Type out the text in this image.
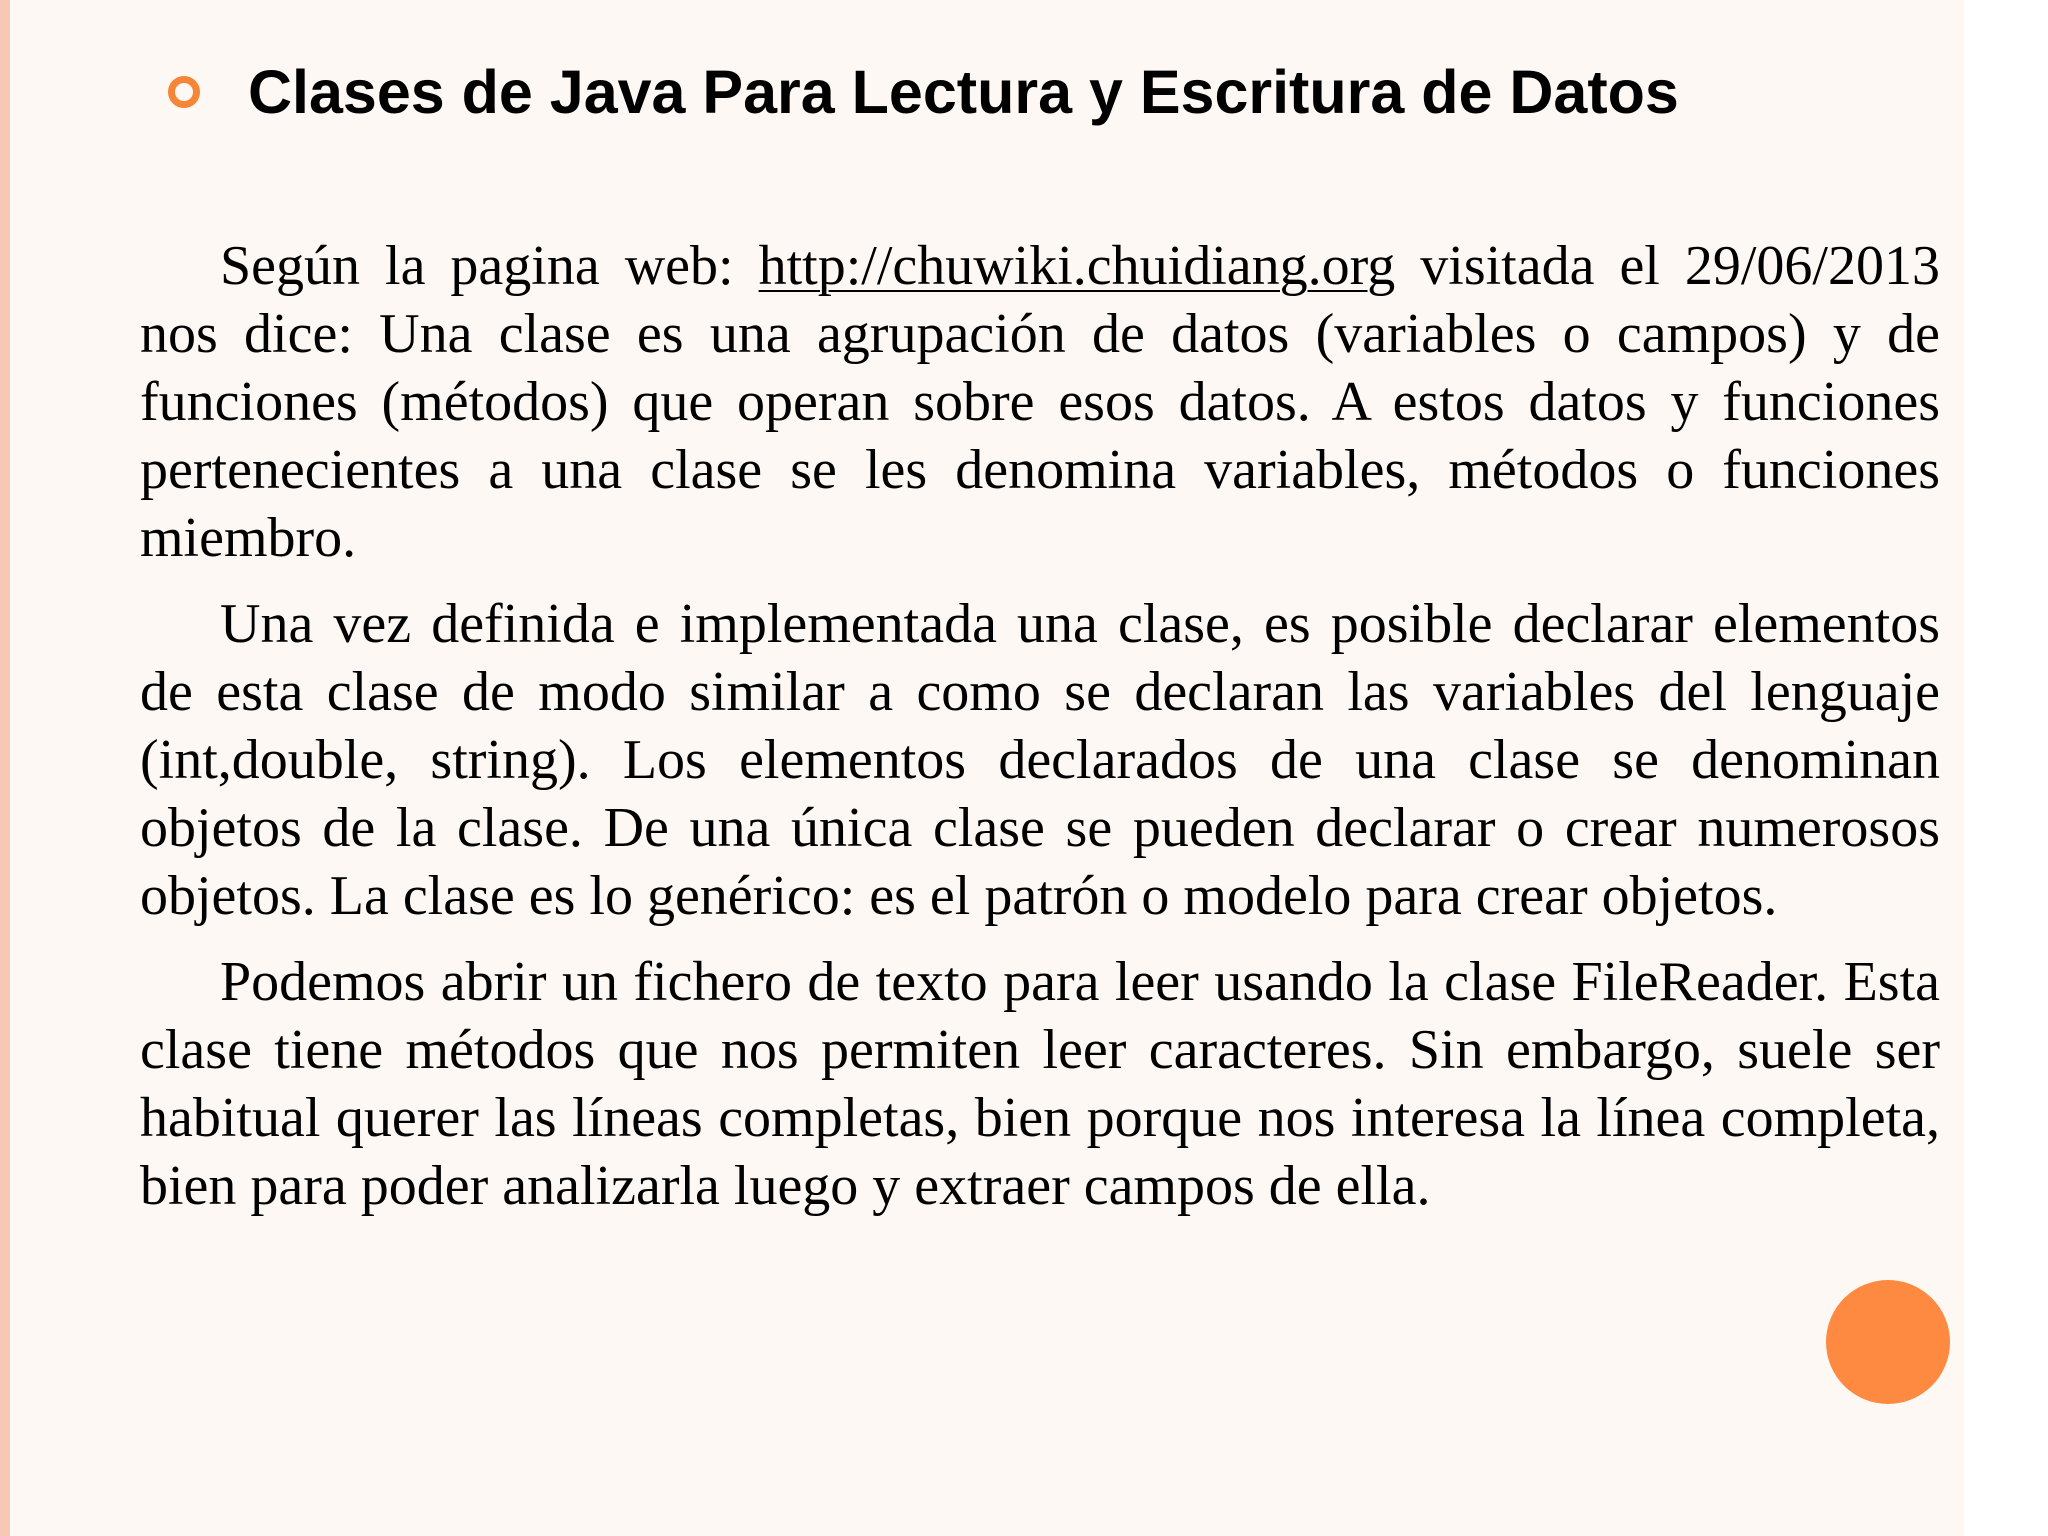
Clases de Java Para Lectura y Escritura de Datos

Según la pagina web: http://chuwiki.chuidiang.org visitada el 29/06/2013 nos dice: Una clase es una agrupación de datos (variables o campos) y de funciones (métodos) que operan sobre esos datos. A estos datos y funciones pertenecientes a una clase se les denomina variables, métodos o funciones miembro.

Una vez definida e implementada una clase, es posible declarar elementos de esta clase de modo similar a como se declaran las variables del lenguaje (int,double, string). Los elementos declarados de una clase se denominan objetos de la clase. De una única clase se pueden declarar o crear numerosos objetos. La clase es lo genérico: es el patrón o modelo para crear objetos.

Podemos abrir un fichero de texto para leer usando la clase FileReader. Esta clase tiene métodos que nos permiten leer caracteres. Sin embargo, suele ser habitual querer las líneas completas, bien porque nos interesa la línea completa, bien para poder analizarla luego y extraer campos de ella.
